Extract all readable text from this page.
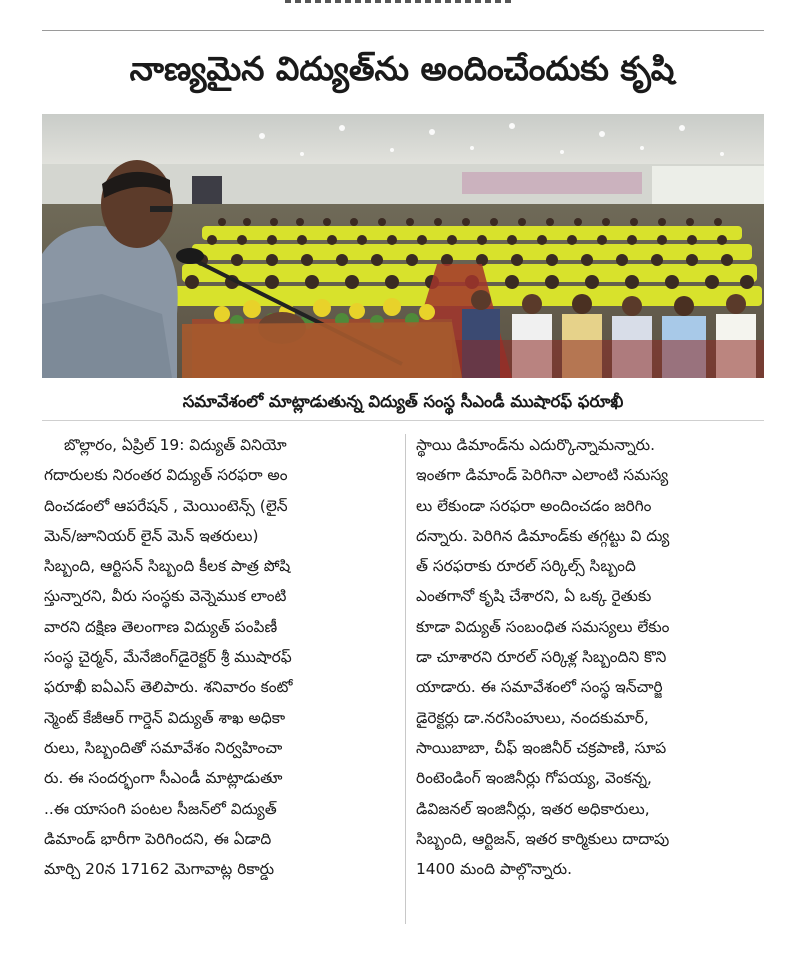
నాణ్యమైన విద్యుత్‌ను అందించేందుకు కృషి
సమావేశంలో మాట్లాడుతున్న విద్యుత్ సంస్థ సీఎండీ ముషారఫ్ ఫరూఖీ
బొల్లారం, ఏప్రిల్ 19: విద్యుత్ వినియో
గదారులకు నిరంతర విద్యుత్ సరఫరా అం
దించడంలో ఆపరేషన్ , మెయింటెన్స్ (లైన్
మెన్/జూనియర్ లైన్ మెన్ ఇతరులు)
సిబ్బంది, ఆర్టిసన్ సిబ్బంది కీలక పాత్ర పోషి
స్తున్నారని, వీరు సంస్థకు వెన్నెముక లాంటి
వారని దక్షిణ తెలంగాణ విద్యుత్ పంపిణీ
సంస్థ చైర్మన్, మేనేజింగ్‌డైరెక్టర్ శ్రీ ముషారఫ్
ఫరూఖీ ఐఏఎస్ తెలిపారు. శనివారం కంటో
న్మెంట్ కేజీఆర్ గార్డెన్ విద్యుత్ శాఖ అధికా
రులు, సిబ్బందితో సమావేశం నిర్వహించా
రు. ఈ సందర్భంగా సీఎండీ మాట్లాడుతూ
..ఈ యాసంగి పంటల సీజన్‌లో విద్యుత్
డిమాండ్ భారీగా పెరిగిందని, ఈ ఏడాది
మార్చి 20న 17162 మెగావాట్ల రికార్డు
స్థాయి డిమాండ్‌ను ఎదుర్కొన్నామన్నారు.
ఇంతగా డిమాండ్ పెరిగినా ఎలాంటి సమస్య
లు లేకుండా సరఫరా అందించడం జరిగిం
దన్నారు. పెరిగిన డిమాండ్‌కు తగ్గట్టు వి ద్యు
త్ సరఫరాకు రూరల్ సర్కిల్స్ సిబ్బంది
ఎంతగానో కృషి చేశారని, ఏ ఒక్క రైతుకు
కూడా విద్యుత్ సంబంధిత సమస్యలు లేకుం
డా చూశారని రూరల్ సర్కిళ్ల సిబ్బందిని కొని
యాడారు. ఈ సమావేశంలో సంస్థ ఇన్‌చార్జి
డైరెక్టర్లు డా.నరసింహులు, నందకుమార్,
సాయిబాబా, చీఫ్ ఇంజినీర్ చక్రపాణి, సూప
రింటెండింగ్ ఇంజినీర్లు గోపయ్య, వెంకన్న,
డివిజనల్ ఇంజినీర్లు, ఇతర అధికారులు,
సిబ్బంది, ఆర్టిజన్, ఇతర కార్మికులు దాదాపు
1400 మంది పాల్గొన్నారు.
